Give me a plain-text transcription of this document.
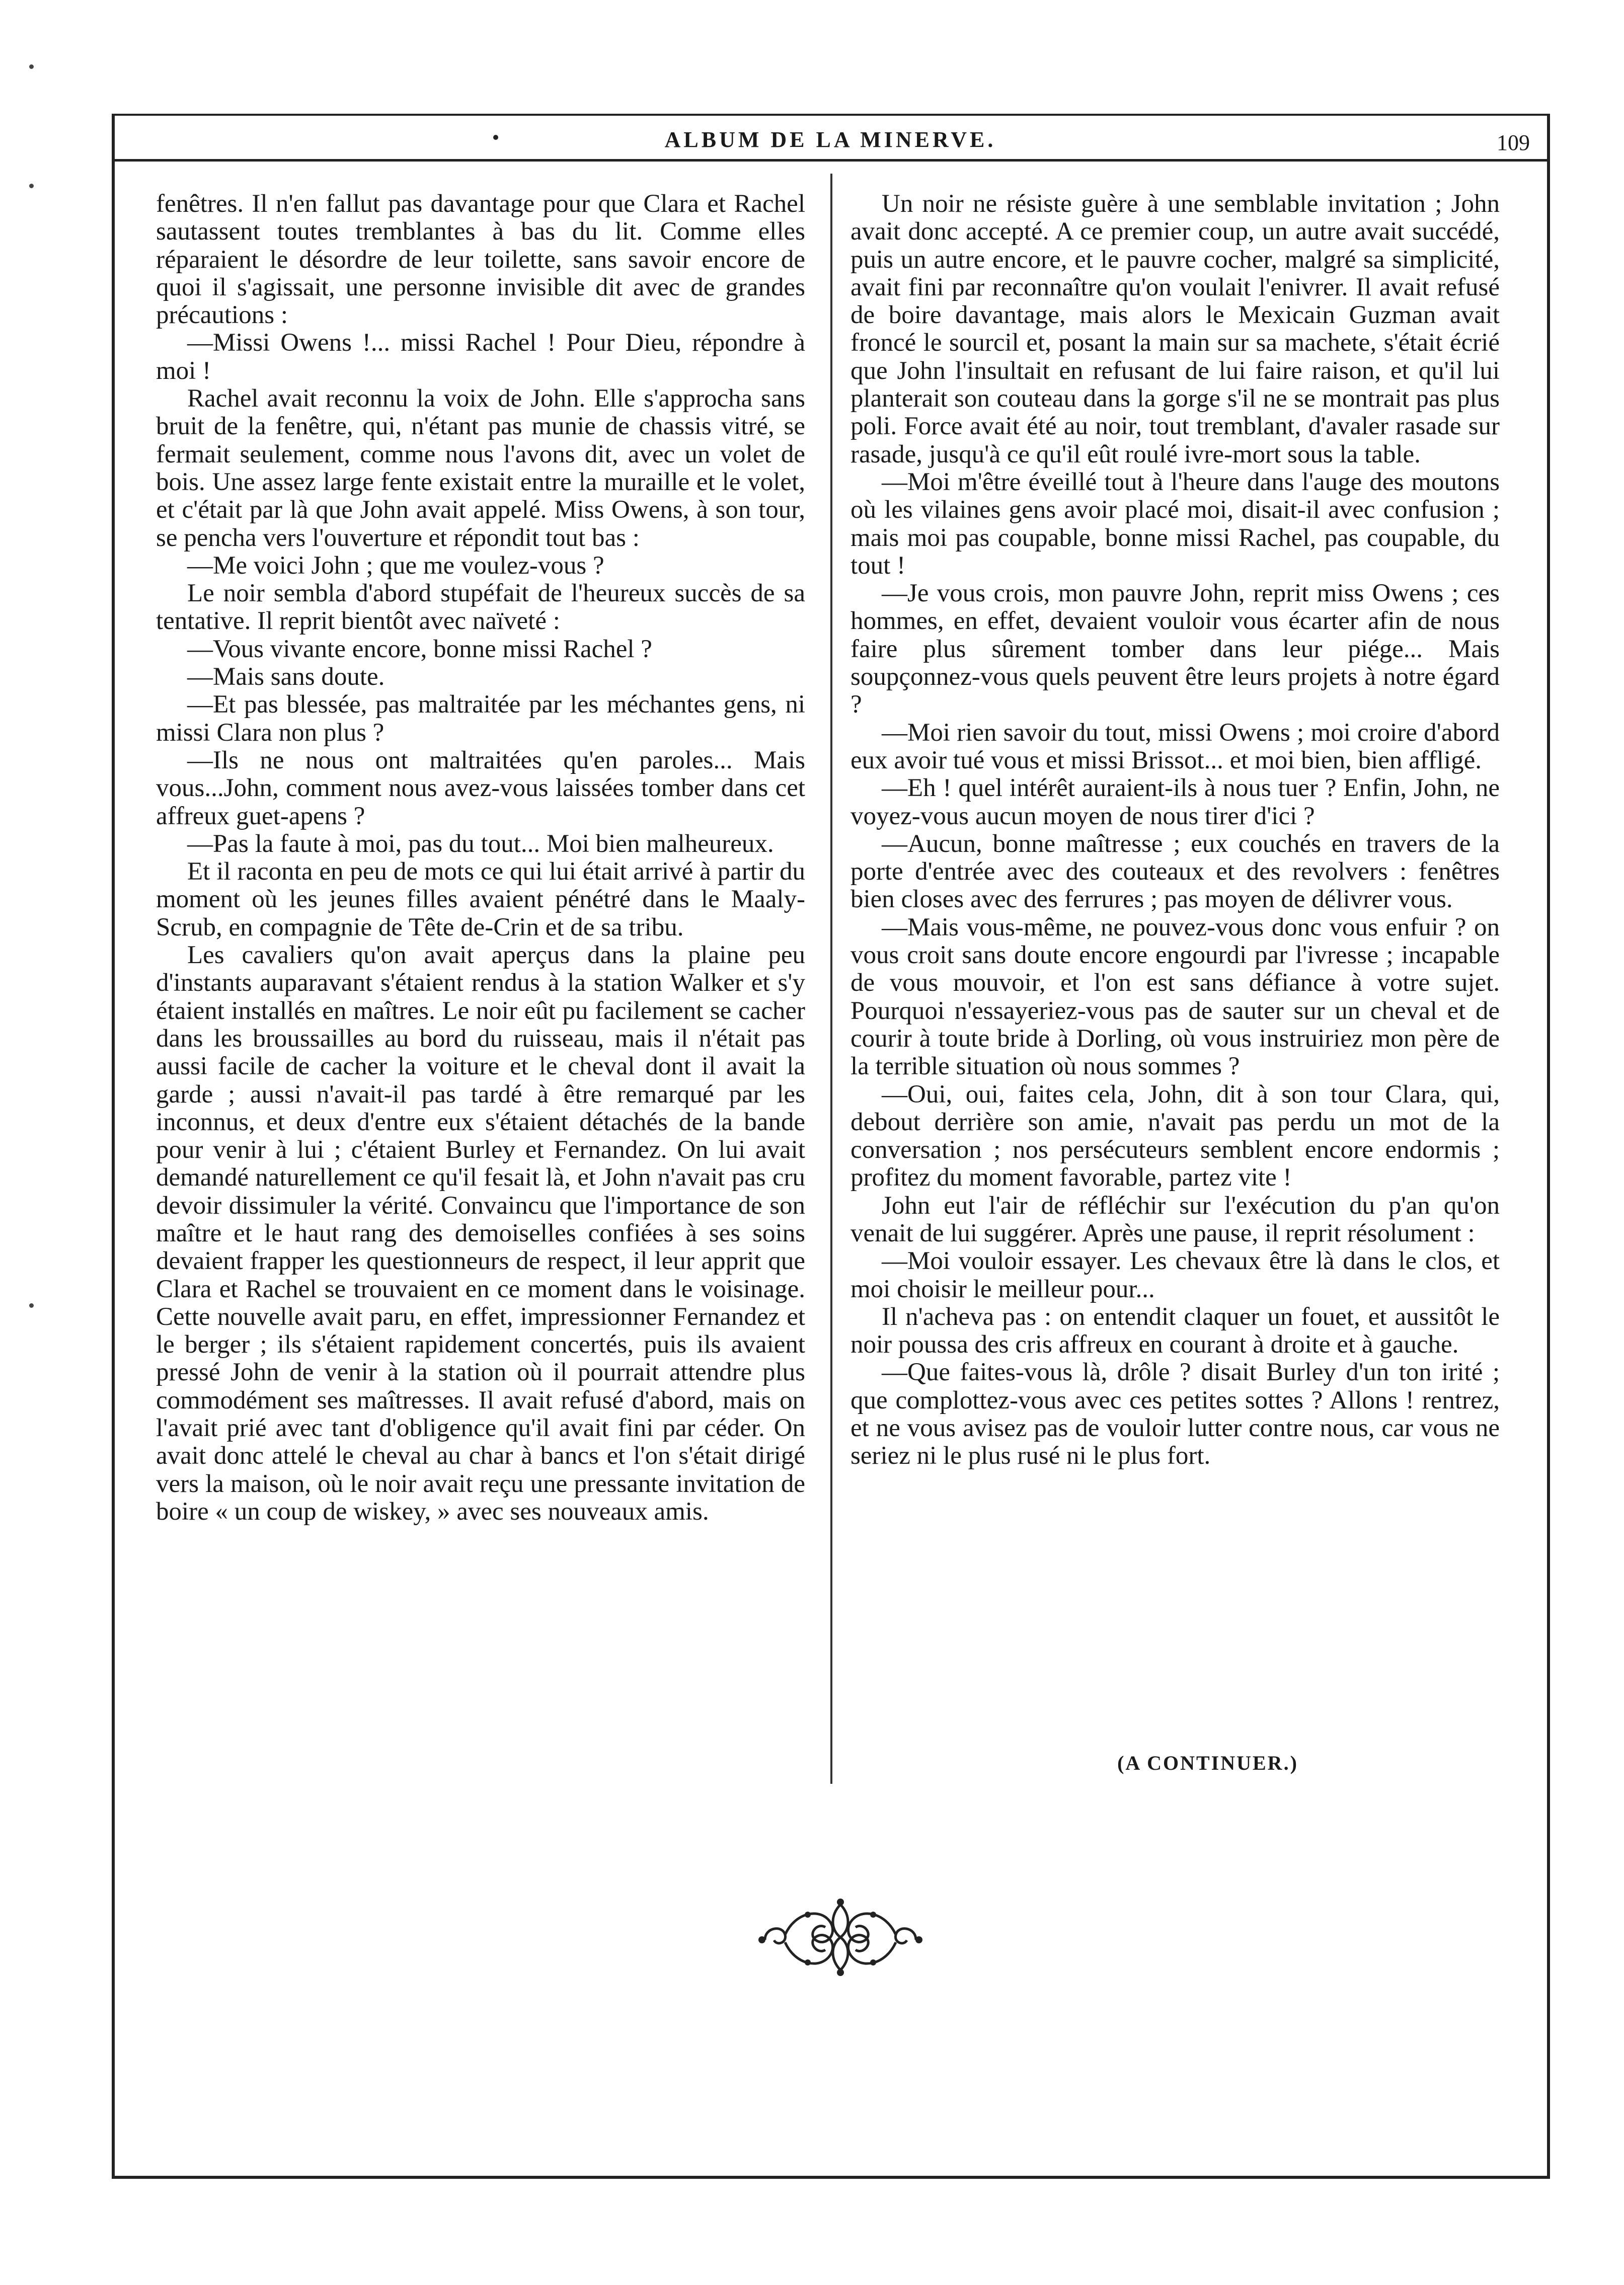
ALBUM DE LA MINERVE.	109

fenêtres. Il n'en fallut pas davantage pour que Clara et Rachel sautassent toutes tremblantes à bas du lit. Comme elles réparaient le désordre de leur toilette, sans savoir encore de quoi il s'agissait, une personne invisible dit avec de grandes précautions :

—Missi Owens !... missi Rachel ! Pour Dieu, répondre à moi !

Rachel avait reconnu la voix de John. Elle s'approcha sans bruit de la fenêtre, qui, n'étant pas munie de chassis vitré, se fermait seulement, comme nous l'avons dit, avec un volet de bois. Une assez large fente existait entre la muraille et le volet, et c'était par là que John avait appelé. Miss Owens, à son tour, se pencha vers l'ouverture et répondit tout bas :

—Me voici John ; que me voulez-vous ?

Le noir sembla d'abord stupéfait de l'heureux succès de sa tentative. Il reprit bientôt avec naïveté :

—Vous vivante encore, bonne missi Rachel ?

—Mais sans doute.

—Et pas blessée, pas maltraitée par les méchantes gens, ni missi Clara non plus ?

—Ils ne nous ont maltraitées qu'en paroles... Mais vous...John, comment nous avez-vous laissées tomber dans cet affreux guet-apens ?

—Pas la faute à moi, pas du tout... Moi bien malheureux.

Et il raconta en peu de mots ce qui lui était arrivé à partir du moment où les jeunes filles avaient pénétré dans le Maaly-Scrub, en compagnie de Tête de-Crin et de sa tribu.

Les cavaliers qu'on avait aperçus dans la plaine peu d'instants auparavant s'étaient rendus à la station Walker et s'y étaient installés en maîtres. Le noir eût pu facilement se cacher dans les broussailles au bord du ruisseau, mais il n'était pas aussi facile de cacher la voiture et le cheval dont il avait la garde ; aussi n'avait-il pas tardé à être remarqué par les inconnus, et deux d'entre eux s'étaient détachés de la bande pour venir à lui ; c'étaient Burley et Fernandez. On lui avait demandé naturellement ce qu'il fesait là, et John n'avait pas cru devoir dissimuler la vérité. Convaincu que l'importance de son maître et le haut rang des demoiselles confiées à ses soins devaient frapper les questionneurs de respect, il leur apprit que Clara et Rachel se trouvaient en ce moment dans le voisinage. Cette nouvelle avait paru, en effet, impressionner Fernandez et le berger ; ils s'étaient rapidement concertés, puis ils avaient pressé John de venir à la station où il pourrait attendre plus commodément ses maîtresses. Il avait refusé d'abord, mais on l'avait prié avec tant d'obligence qu'il avait fini par céder. On avait donc attelé le cheval au char à bancs et l'on s'était dirigé vers la maison, où le noir avait reçu une pressante invitation de boire « un coup de wiskey, » avec ses nouveaux amis.

Un noir ne résiste guère à une semblable invitation ; John avait donc accepté. A ce premier coup, un autre avait succédé, puis un autre encore, et le pauvre cocher, malgré sa simplicité, avait fini par reconnaître qu'on voulait l'enivrer. Il avait refusé de boire davantage, mais alors le Mexicain Guzman avait froncé le sourcil et, posant la main sur sa machete, s'était écrié que John l'insultait en refusant de lui faire raison, et qu'il lui planterait son couteau dans la gorge s'il ne se montrait pas plus poli. Force avait été au noir, tout tremblant, d'avaler rasade sur rasade, jusqu'à ce qu'il eût roulé ivre-mort sous la table.

—Moi m'être éveillé tout à l'heure dans l'auge des moutons où les vilaines gens avoir placé moi, disait-il avec confusion ; mais moi pas coupable, bonne missi Rachel, pas coupable, du tout !

—Je vous crois, mon pauvre John, reprit miss Owens ; ces hommes, en effet, devaient vouloir vous écarter afin de nous faire plus sûrement tomber dans leur piége... Mais soupçonnez-vous quels peuvent être leurs projets à notre égard ?

—Moi rien savoir du tout, missi Owens ; moi croire d'abord eux avoir tué vous et missi Brissot... et moi bien, bien affligé.

—Eh ! quel intérêt auraient-ils à nous tuer ? Enfin, John, ne voyez-vous aucun moyen de nous tirer d'ici ?

—Aucun, bonne maîtresse ; eux couchés en travers de la porte d'entrée avec des couteaux et des revolvers : fenêtres bien closes avec des ferrures ; pas moyen de délivrer vous.

—Mais vous-même, ne pouvez-vous donc vous enfuir ? on vous croit sans doute encore engourdi par l'ivresse ; incapable de vous mouvoir, et l'on est sans défiance à votre sujet. Pourquoi n'essayeriez-vous pas de sauter sur un cheval et de courir à toute bride à Dorling, où vous instruiriez mon père de la terrible situation où nous sommes ?

—Oui, oui, faites cela, John, dit à son tour Clara, qui, debout derrière son amie, n'avait pas perdu un mot de la conversation ; nos persécuteurs semblent encore endormis ; profitez du moment favorable, partez vite !

John eut l'air de réfléchir sur l'exécution du p'an qu'on venait de lui suggérer. Après une pause, il reprit résolument :

—Moi vouloir essayer. Les chevaux être là dans le clos, et moi choisir le meilleur pour...

Il n'acheva pas : on entendit claquer un fouet, et aussitôt le noir poussa des cris affreux en courant à droite et à gauche.

—Que faites-vous là, drôle ? disait Burley d'un ton irité ; que complottez-vous avec ces petites sottes ? Allons ! rentrez, et ne vous avisez pas de vouloir lutter contre nous, car vous ne seriez ni le plus rusé ni le plus fort.

(A CONTINUER.)
